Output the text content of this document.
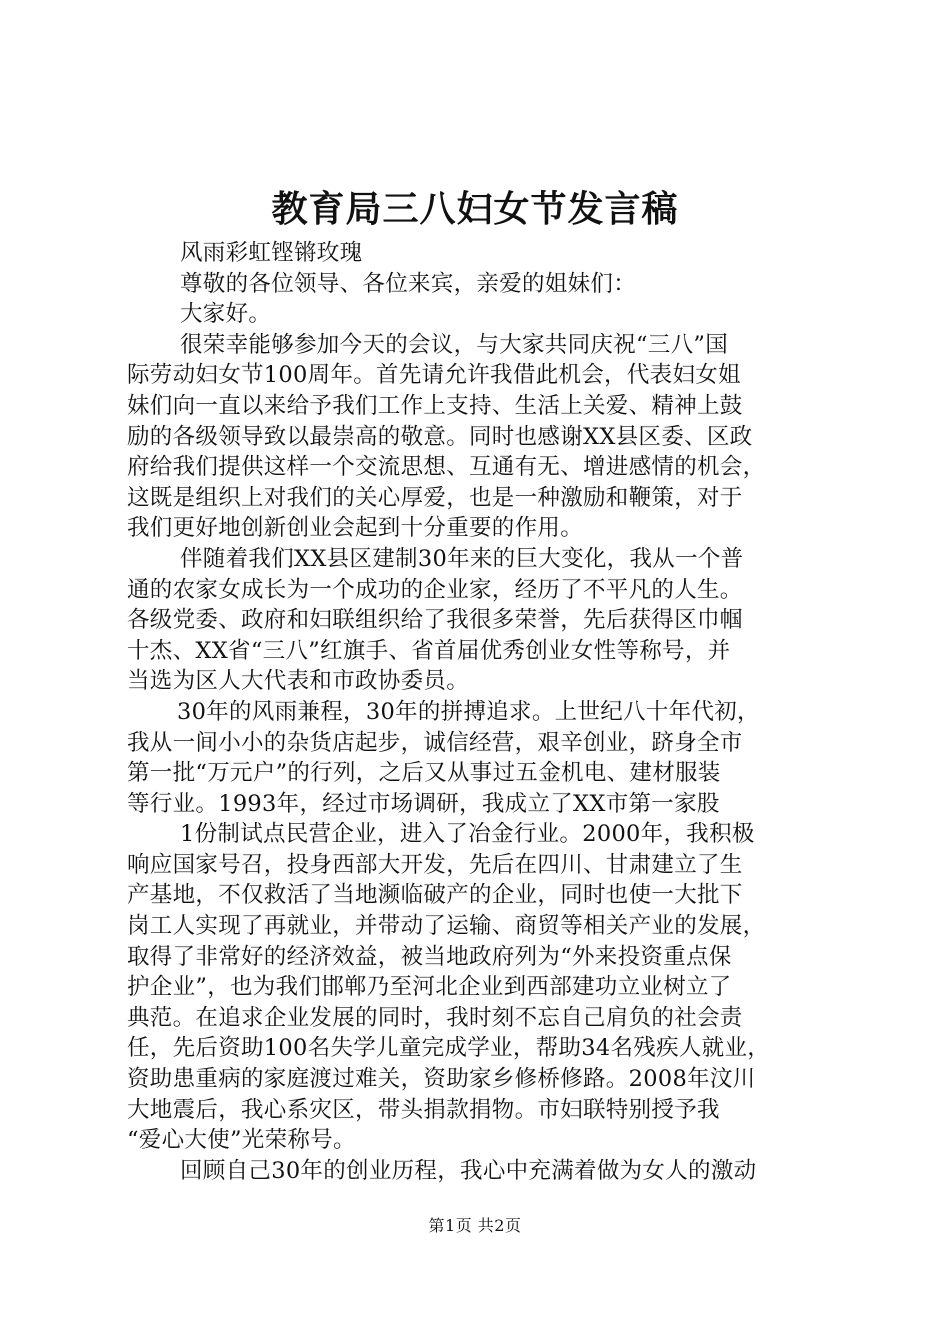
教育局三八妇女节发言稿
风雨彩虹铿锵玫瑰
尊敬的各位领导、各位来宾，亲爱的姐妹们：
大家好。
很荣幸能够参加今天的会议，与大家共同庆祝“三八”国
际劳动妇女节100周年。首先请允许我借此机会，代表妇女姐
妹们向一直以来给予我们工作上支持、生活上关爱、精神上鼓
励的各级领导致以最崇高的敬意。同时也感谢XX县区委、区政
府给我们提供这样一个交流思想、互通有无、增进感情的机会，
这既是组织上对我们的关心厚爱，也是一种激励和鞭策，对于
我们更好地创新创业会起到十分重要的作用。
伴随着我们XX县区建制30年来的巨大变化，我从一个普
通的农家女成长为一个成功的企业家，经历了不平凡的人生。
各级党委、政府和妇联组织给了我很多荣誉，先后获得区巾帼
十杰、XX省“三八”红旗手、省首届优秀创业女性等称号，并
当选为区人大代表和市政协委员。
30年的风雨兼程，30年的拼搏追求。上世纪八十年代初，
我从一间小小的杂货店起步，诚信经营，艰辛创业，跻身全市
第一批“万元户”的行列，之后又从事过五金机电、建材服装
等行业。1993年，经过市场调研，我成立了XX市第一家股
1份制试点民营企业，进入了冶金行业。2000年，我积极
响应国家号召，投身西部大开发，先后在四川、甘肃建立了生
产基地，不仅救活了当地濒临破产的企业，同时也使一大批下
岗工人实现了再就业，并带动了运输、商贸等相关产业的发展，
取得了非常好的经济效益，被当地政府列为“外来投资重点保
护企业”，也为我们邯郸乃至河北企业到西部建功立业树立了
典范。在追求企业发展的同时，我时刻不忘自己肩负的社会责
任，先后资助100名失学儿童完成学业，帮助34名残疾人就业，
资助患重病的家庭渡过难关，资助家乡修桥修路。2008年汶川
大地震后，我心系灾区，带头捐款捐物。市妇联特别授予我
“爱心大使”光荣称号。
回顾自己30年的创业历程，我心中充满着做为女人的激动
第1页 共2页
